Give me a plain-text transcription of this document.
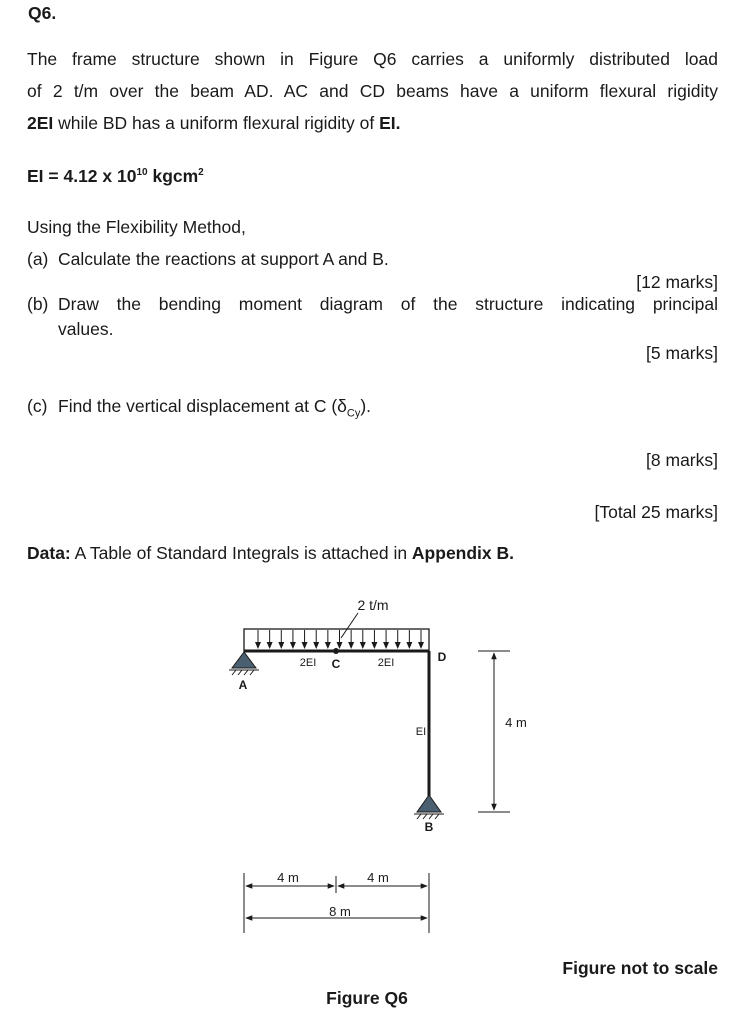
Q6.
The frame structure shown in Figure Q6 carries a uniformly distributed load
of 2 t/m over the beam AD. AC and CD beams have a uniform flexural rigidity
2EI while BD has a uniform flexural rigidity of EI.
EI = 4.12 x $10^{10}$ kgcm$^2$
Using the Flexibility Method,
(a) Calculate the reactions at support A and B.
[12 marks]
(b) Draw the bending moment diagram of the structure indicating principal
values.
[5 marks]
(c) Find the vertical displacement at C $(\delta_{Cy})$.
[8 marks]
[Total 25 marks]
Data: A Table of Standard Integrals is attached in Appendix B.
2 t/m
A
B
C	D
2EI	2EI
EI
4 m
4 m	4 m
8 m
Figure not to scale
Figure Q6
